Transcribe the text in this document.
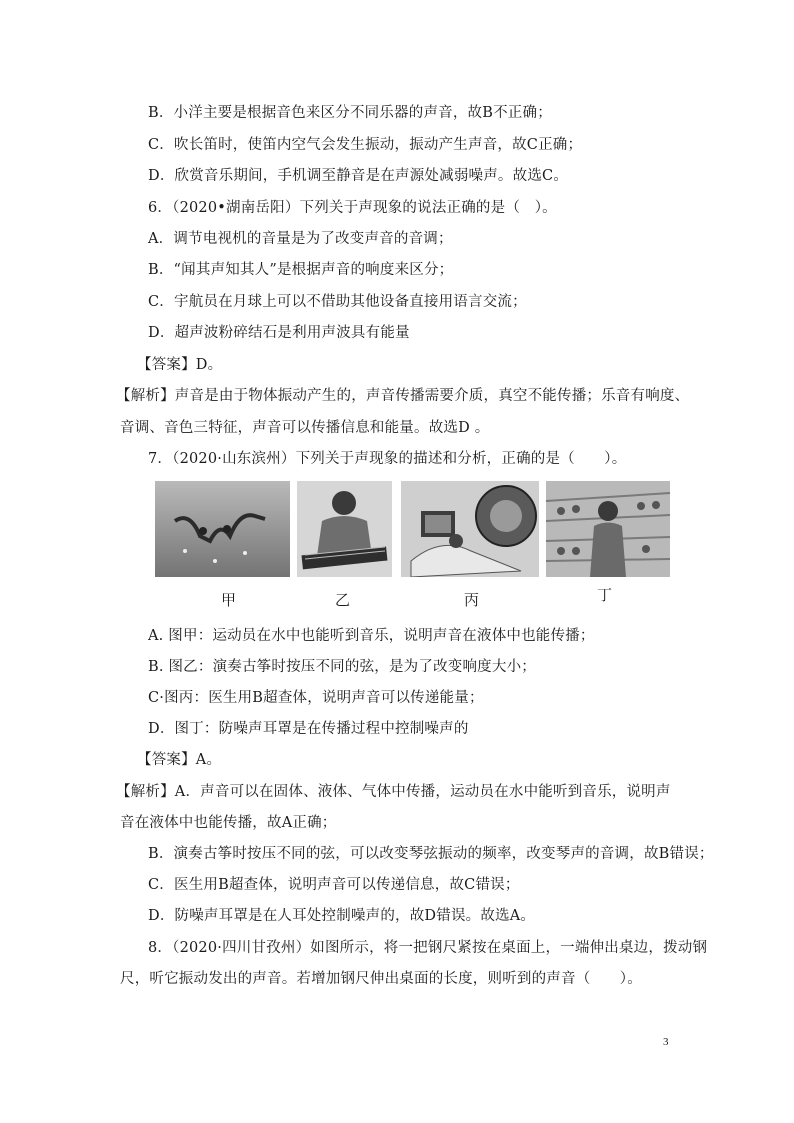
B．小洋主要是根据音色来区分不同乐器的声音，故B不正确；
C．吹长笛时，使笛内空气会发生振动，振动产生声音，故C正确；
D．欣赏音乐期间，手机调至静音是在声源处减弱噪声。故选C。
6．（2020•湖南岳阳）下列关于声现象的说法正确的是（　）。
A．调节电视机的音量是为了改变声音的音调；
B．“闻其声知其人”是根据声音的响度来区分；
C．宇航员在月球上可以不借助其他设备直接用语言交流；
D．超声波粉碎结石是利用声波具有能量
【答案】D。
【解析】声音是由于物体振动产生的，声音传播需要介质，真空不能传播；乐音有响度、
音调、音色三特征，声音可以传播信息和能量。故选D 。
7．（2020·山东滨州）下列关于声现象的描述和分析，正确的是（　　）。
甲	乙	丙	丁
A. 图甲：运动员在水中也能听到音乐，说明声音在液体中也能传播；
B. 图乙：演奏古筝时按压不同的弦，是为了改变响度大小；
C·图丙：医生用B超查体，说明声音可以传递能量；
D．图丁：防噪声耳罩是在传播过程中控制噪声的
【答案】A。
【解析】A．声音可以在固体、液体、气体中传播，运动员在水中能听到音乐，说明声
音在液体中也能传播，故A正确；
B．演奏古筝时按压不同的弦，可以改变琴弦振动的频率，改变琴声的音调，故B错误；
C．医生用B超查体，说明声音可以传递信息，故C错误；
D．防噪声耳罩是在人耳处控制噪声的，故D错误。故选A。
8．（2020·四川甘孜州）如图所示，将一把钢尺紧按在桌面上，一端伸出桌边，拨动钢
尺，听它振动发出的声音。若增加钢尺伸出桌面的长度，则听到的声音（　　）。
3
